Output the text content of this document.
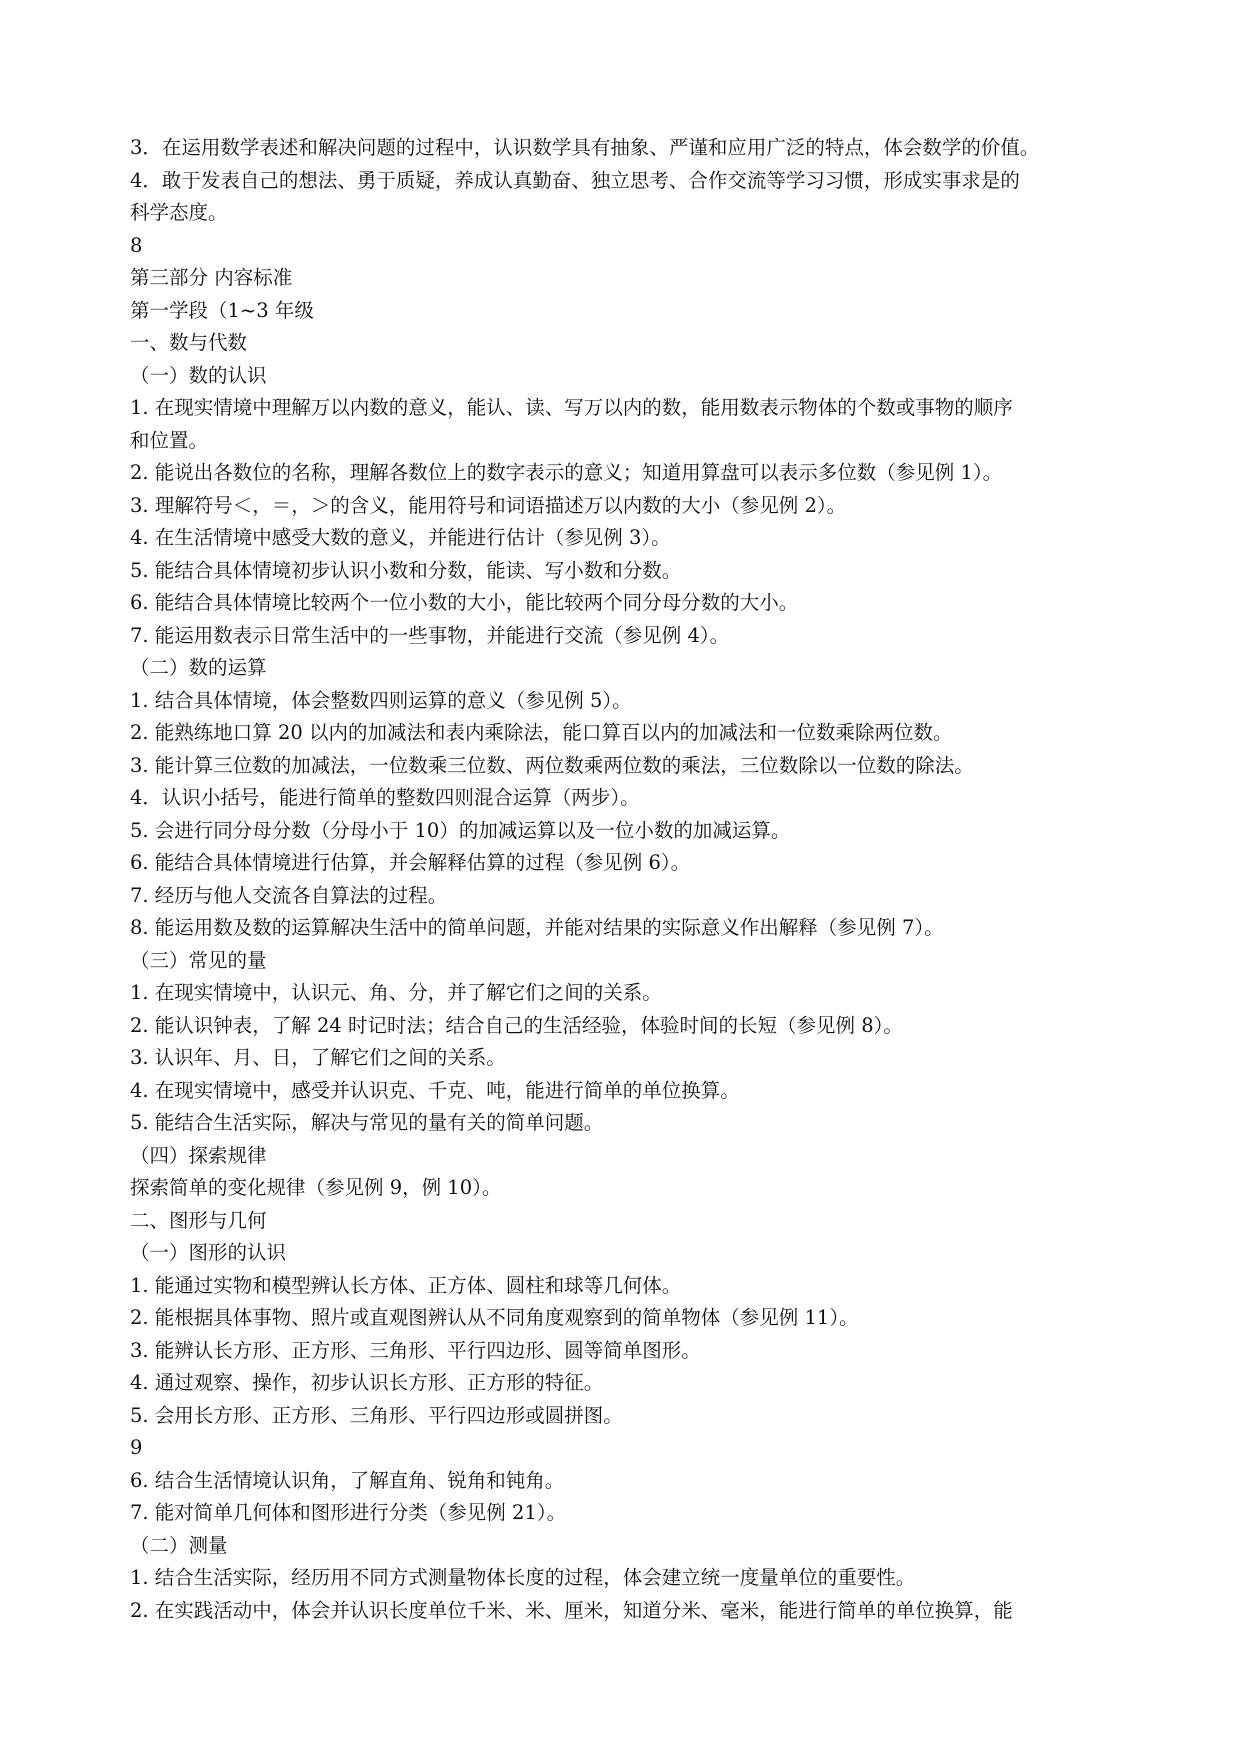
3．在运用数学表述和解决问题的过程中，认识数学具有抽象、严谨和应用广泛的特点，体会数学的价值。
4．敢于发表自己的想法、勇于质疑，养成认真勤奋、独立思考、合作交流等学习习惯，形成实事求是的
科学态度。
8
第三部分 内容标准
第一学段（1~3 年级
一、数与代数
（一）数的认识
1. 在现实情境中理解万以内数的意义，能认、读、写万以内的数，能用数表示物体的个数或事物的顺序
和位置。
2. 能说出各数位的名称，理解各数位上的数字表示的意义；知道用算盘可以表示多位数（参见例 1）。
3. 理解符号＜，＝，＞的含义，能用符号和词语描述万以内数的大小（参见例 2）。
4. 在生活情境中感受大数的意义，并能进行估计（参见例 3）。
5. 能结合具体情境初步认识小数和分数，能读、写小数和分数。
6. 能结合具体情境比较两个一位小数的大小，能比较两个同分母分数的大小。
7. 能运用数表示日常生活中的一些事物，并能进行交流（参见例 4）。
（二）数的运算
1. 结合具体情境，体会整数四则运算的意义（参见例 5）。
2. 能熟练地口算 20 以内的加减法和表内乘除法，能口算百以内的加减法和一位数乘除两位数。
3. 能计算三位数的加减法，一位数乘三位数、两位数乘两位数的乘法，三位数除以一位数的除法。
4．认识小括号，能进行简单的整数四则混合运算（两步）。
5. 会进行同分母分数（分母小于 10）的加减运算以及一位小数的加减运算。
6. 能结合具体情境进行估算，并会解释估算的过程（参见例 6）。
7. 经历与他人交流各自算法的过程。
8. 能运用数及数的运算解决生活中的简单问题，并能对结果的实际意义作出解释（参见例 7）。
（三）常见的量
1. 在现实情境中，认识元、角、分，并了解它们之间的关系。
2. 能认识钟表，了解 24 时记时法；结合自己的生活经验，体验时间的长短（参见例 8）。
3. 认识年、月、日，了解它们之间的关系。
4. 在现实情境中，感受并认识克、千克、吨，能进行简单的单位换算。
5. 能结合生活实际，解决与常见的量有关的简单问题。
（四）探索规律
探索简单的变化规律（参见例 9，例 10）。
二、图形与几何
（一）图形的认识
1. 能通过实物和模型辨认长方体、正方体、圆柱和球等几何体。
2. 能根据具体事物、照片或直观图辨认从不同角度观察到的简单物体（参见例 11）。
3. 能辨认长方形、正方形、三角形、平行四边形、圆等简单图形。
4. 通过观察、操作，初步认识长方形、正方形的特征。
5. 会用长方形、正方形、三角形、平行四边形或圆拼图。
9
6. 结合生活情境认识角，了解直角、锐角和钝角。
7. 能对简单几何体和图形进行分类（参见例 21）。
（二）测量
1. 结合生活实际，经历用不同方式测量物体长度的过程，体会建立统一度量单位的重要性。
2. 在实践活动中，体会并认识长度单位千米、米、厘米，知道分米、毫米，能进行简单的单位换算，能
